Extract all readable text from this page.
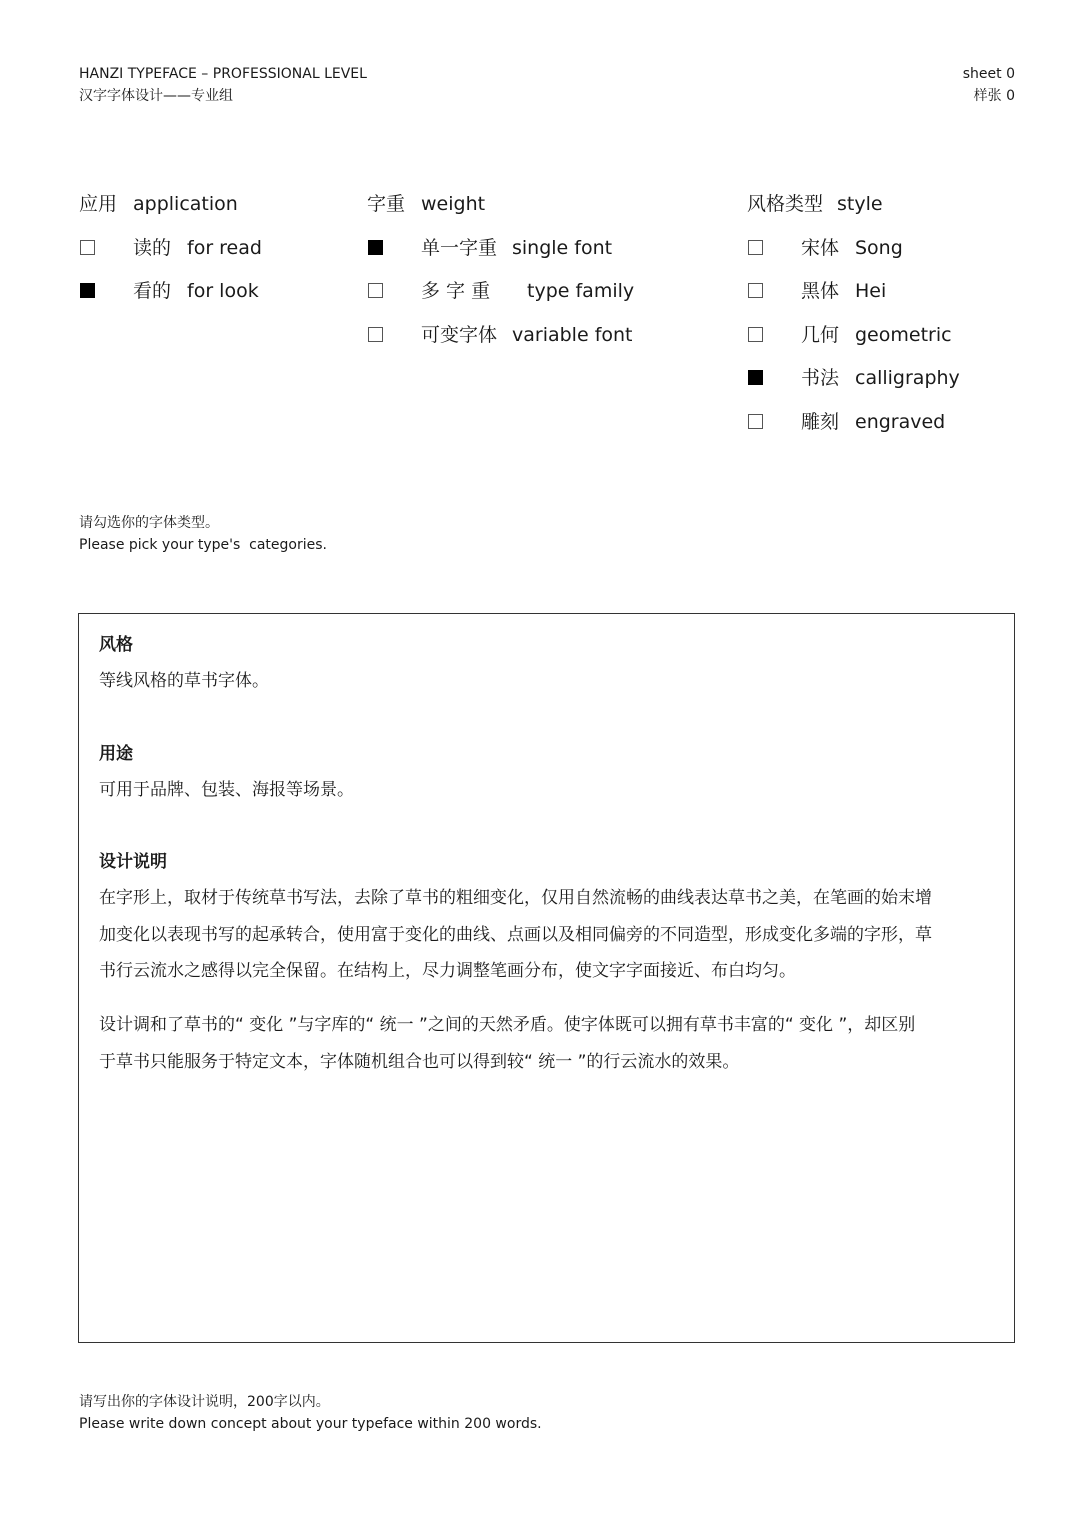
HANZI TYPEFACE – PROFESSIONAL LEVEL
汉字字体设计——专业组
sheet 0
样张 0
应用 application
读的 for read
看的 for look
字重 weight
单一字重 single font
多 字 重 type family
可变字体 variable font
风格类型 style
宋体 Song
黑体 Hei
几何 geometric
书法 calligraphy
雕刻 engraved
请勾选你的字体类型。
Please pick your type's  categories.
风格
等线风格的草书字体。
用途
可用于品牌、包装、海报等场景。
设计说明

在字形上，取材于传统草书写法，去除了草书的粗细变化，仅用自然流畅的曲线表达草书之美，在笔画的始末增

加变化以表现书写的起承转合，使用富于变化的曲线、点画以及相同偏旁的不同造型，形成变化多端的字形，草

书行云流水之感得以完全保留。在结构上，尽力调整笔画分布，使文字字面接近、布白均匀。

设计调和了草书的“ 变化 ”与字库的“ 统一 ”之间的天然矛盾。使字体既可以拥有草书丰富的“ 变化 ”，却区别

于草书只能服务于特定文本，字体随机组合也可以得到较“ 统一 ”的行云流水的效果。

请写出你的字体设计说明，200字以内。
Please write down concept about your typeface within 200 words.
